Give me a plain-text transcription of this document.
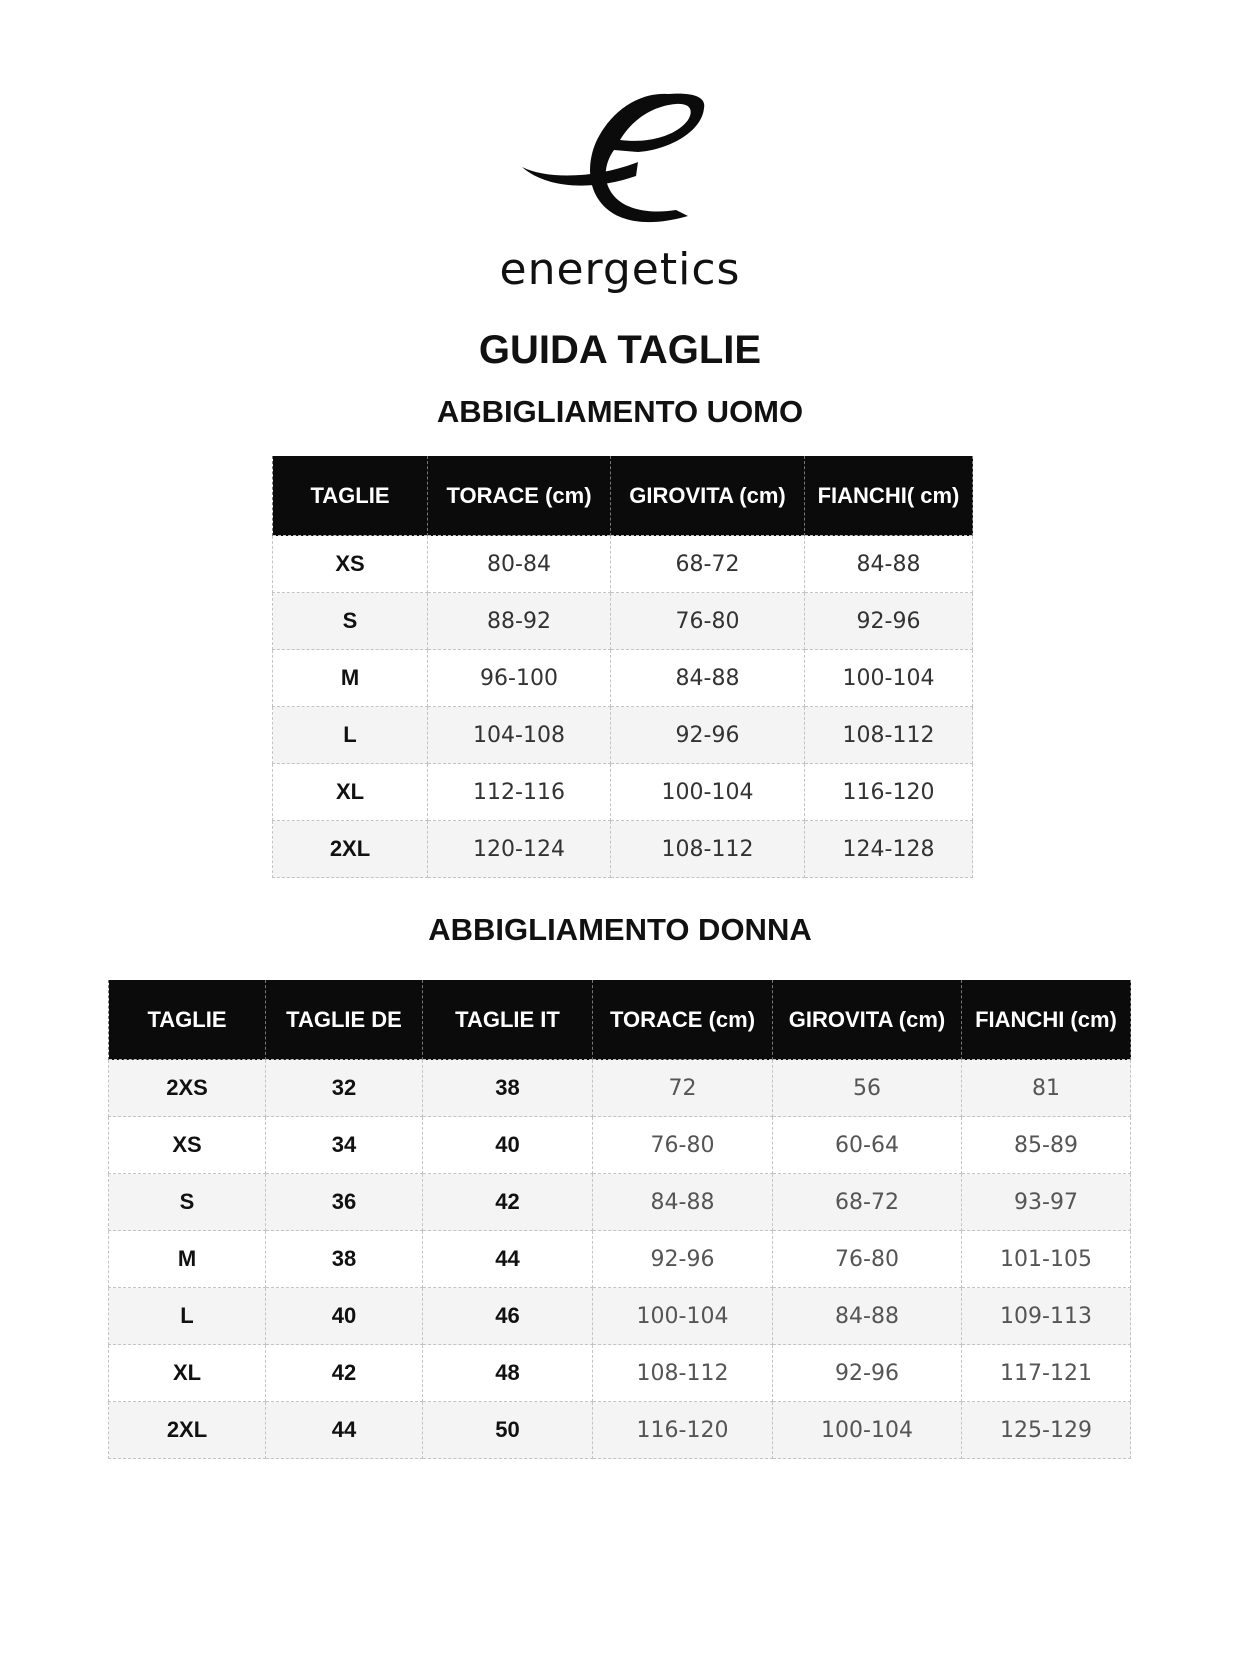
energetics
GUIDA TAGLIE
ABBIGLIAMENTO UOMO
TAGLIE	TORACE (cm)	GIROVITA (cm)	FIANCHI( cm)
XS	80-84	68-72	84-88
S	88-92	76-80	92-96
M	96-100	84-88	100-104
L	104-108	92-96	108-112
XL	112-116	100-104	116-120
2XL	120-124	108-112	124-128
ABBIGLIAMENTO DONNA
TAGLIE	TAGLIE DE	TAGLIE IT	TORACE (cm)	GIROVITA (cm)	FIANCHI (cm)
2XS	32	38	72	56	81
XS	34	40	76-80	60-64	85-89
S	36	42	84-88	68-72	93-97
M	38	44	92-96	76-80	101-105
L	40	46	100-104	84-88	109-113
XL	42	48	108-112	92-96	117-121
2XL	44	50	116-120	100-104	125-129
